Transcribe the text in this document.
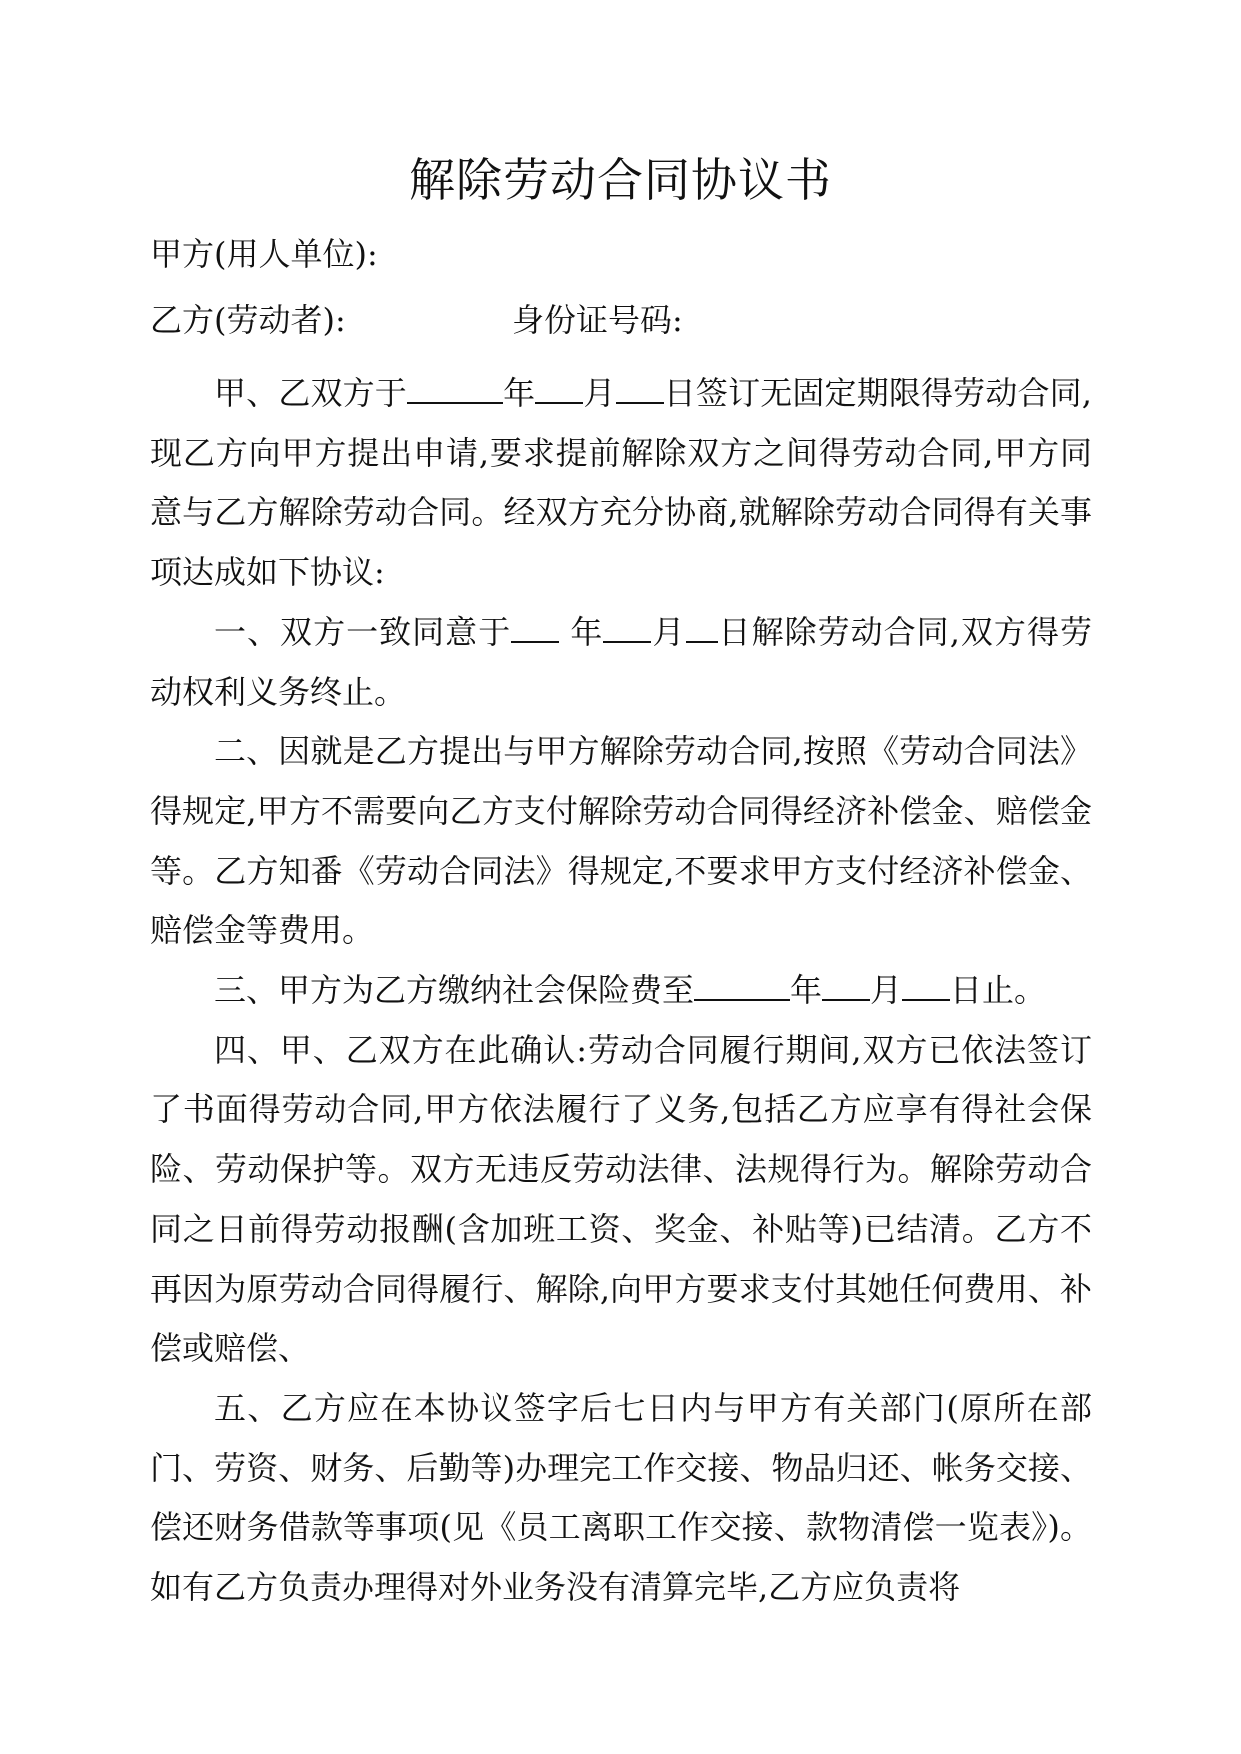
解除劳动合同协议书
甲方(用人单位):
乙方(劳动者):	身份证号码:

甲、乙双方于	年 月 日签订无固定期限得劳动合同,现乙方向甲方提出申请,要求提前解除双方之间得劳动合同,甲方同意与乙方解除劳动合同。经双方充分协商,就解除劳动合同得有关事项达成如下协议:

一、双方一致同意于 年 月 日解除劳动合同,双方得劳动权利义务终止。

二、因就是乙方提出与甲方解除劳动合同,按照《劳动合同法》得规定,甲方不需要向乙方支付解除劳动合同得经济补偿金、赔偿金等。乙方知番《劳动合同法》得规定,不要求甲方支付经济补偿金、赔偿金等费用。

三、甲方为乙方缴纳社会保险费至	年 月 日止。

四、甲、乙双方在此确认:劳动合同履行期间,双方已依法签订了书面得劳动合同,甲方依法履行了义务,包括乙方应享有得社会保险、劳动保护等。双方无违反劳动法律、法规得行为。解除劳动合同之日前得劳动报酬(含加班工资、奖金、补贴等)已结清。乙方不再因为原劳动合同得履行、解除,向甲方要求支付其她任何费用、补偿或赔偿、

五、乙方应在本协议签字后七日内与甲方有关部门(原所在部门、劳资、财务、后勤等)办理完工作交接、物品归还、帐务交接、偿还财务借款等事项(见《员工离职工作交接、款物清偿一览表》)。如有乙方负责办理得对外业务没有清算完毕,乙方应负责将
